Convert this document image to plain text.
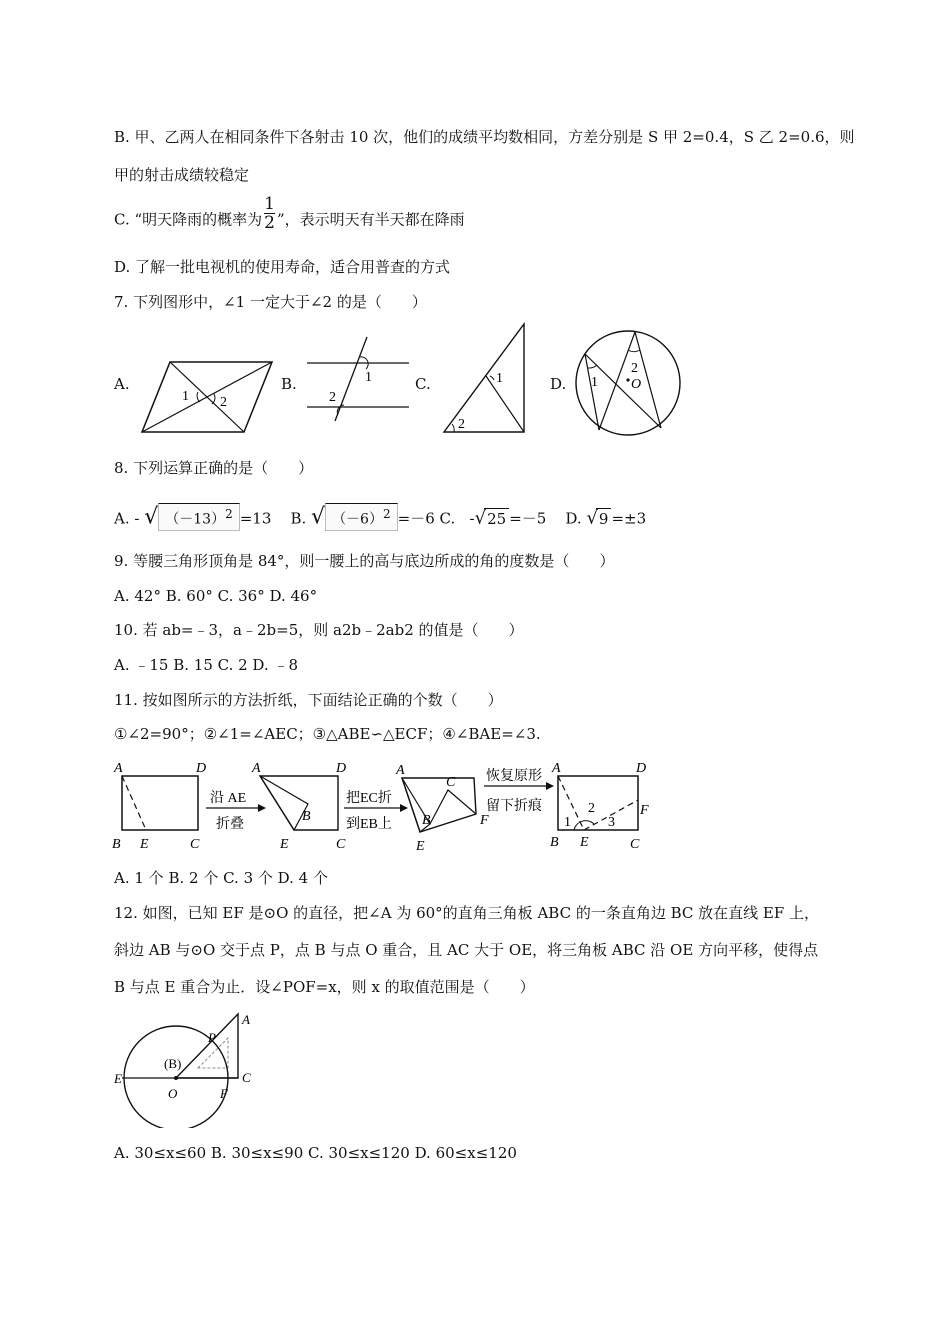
B. 甲、乙两人在相同条件下各射击 10 次，他们的成绩平均数相同，方差分别是 S 甲 2=0.4，S 乙 2=0.6，则
甲的射击成绩较稳定
C. “明天降雨的概率为 $\frac{1}{2}$ ”，表示明天有半天都在降雨
D. 了解一批电视机的使用寿命，适合用普查的方式
7. 下列图形中，∠1 一定大于∠2 的是（　　）
A.
1 2
B.	1
2
C.	1
2
D. 1
2
O
8. 下列运算正确的是（　　）
A. - √ $(-13)^2 =13$ B. √ $(-6)^2 =-6$ C. -√25 =－5 D. √9 =±3
9. 等腰三角形顶角是 84°，则一腰上的高与底边所成的角的度数是（　　）
A. 42° B. 60° C. 36° D. 46°
10. 若 ab=﹣3，a﹣2b=5，则 a2b﹣2ab2 的值是（　　）
A. ﹣15 B. 15 C. 2 D. ﹣8
11. 按如图所示的方法折纸，下面结论正确的个数（　　）
①∠2=90°；②∠1=∠AEC；③△ABE∽△ECF；④∠BAE=∠3.
A	D
B E	C
沿 AE
折叠
A	D
B
E	C
把EC折
到EB上
A
B
C
F
E
恢复原形
留下折痕
A	D
F
B E	C
1
2
3
A. 1 个 B. 2 个 C. 3 个 D. 4 个
12. 如图，已知 EF 是⊙O 的直径，把∠A 为 60°的直角三角板 ABC 的一条直角边 BC 放在直线 EF 上，
斜边 AB 与⊙O 交于点 P，点 B 与点 O 重合，且 AC 大于 OE，将三角板 ABC 沿 OE 方向平移，使得点
B 与点 E 重合为止．设∠POF=x，则 x 的取值范围是（　　）
E
(B)
O
P
A
C
F
A. 30≤x≤60 B. 30≤x≤90 C. 30≤x≤120 D. 60≤x≤120
